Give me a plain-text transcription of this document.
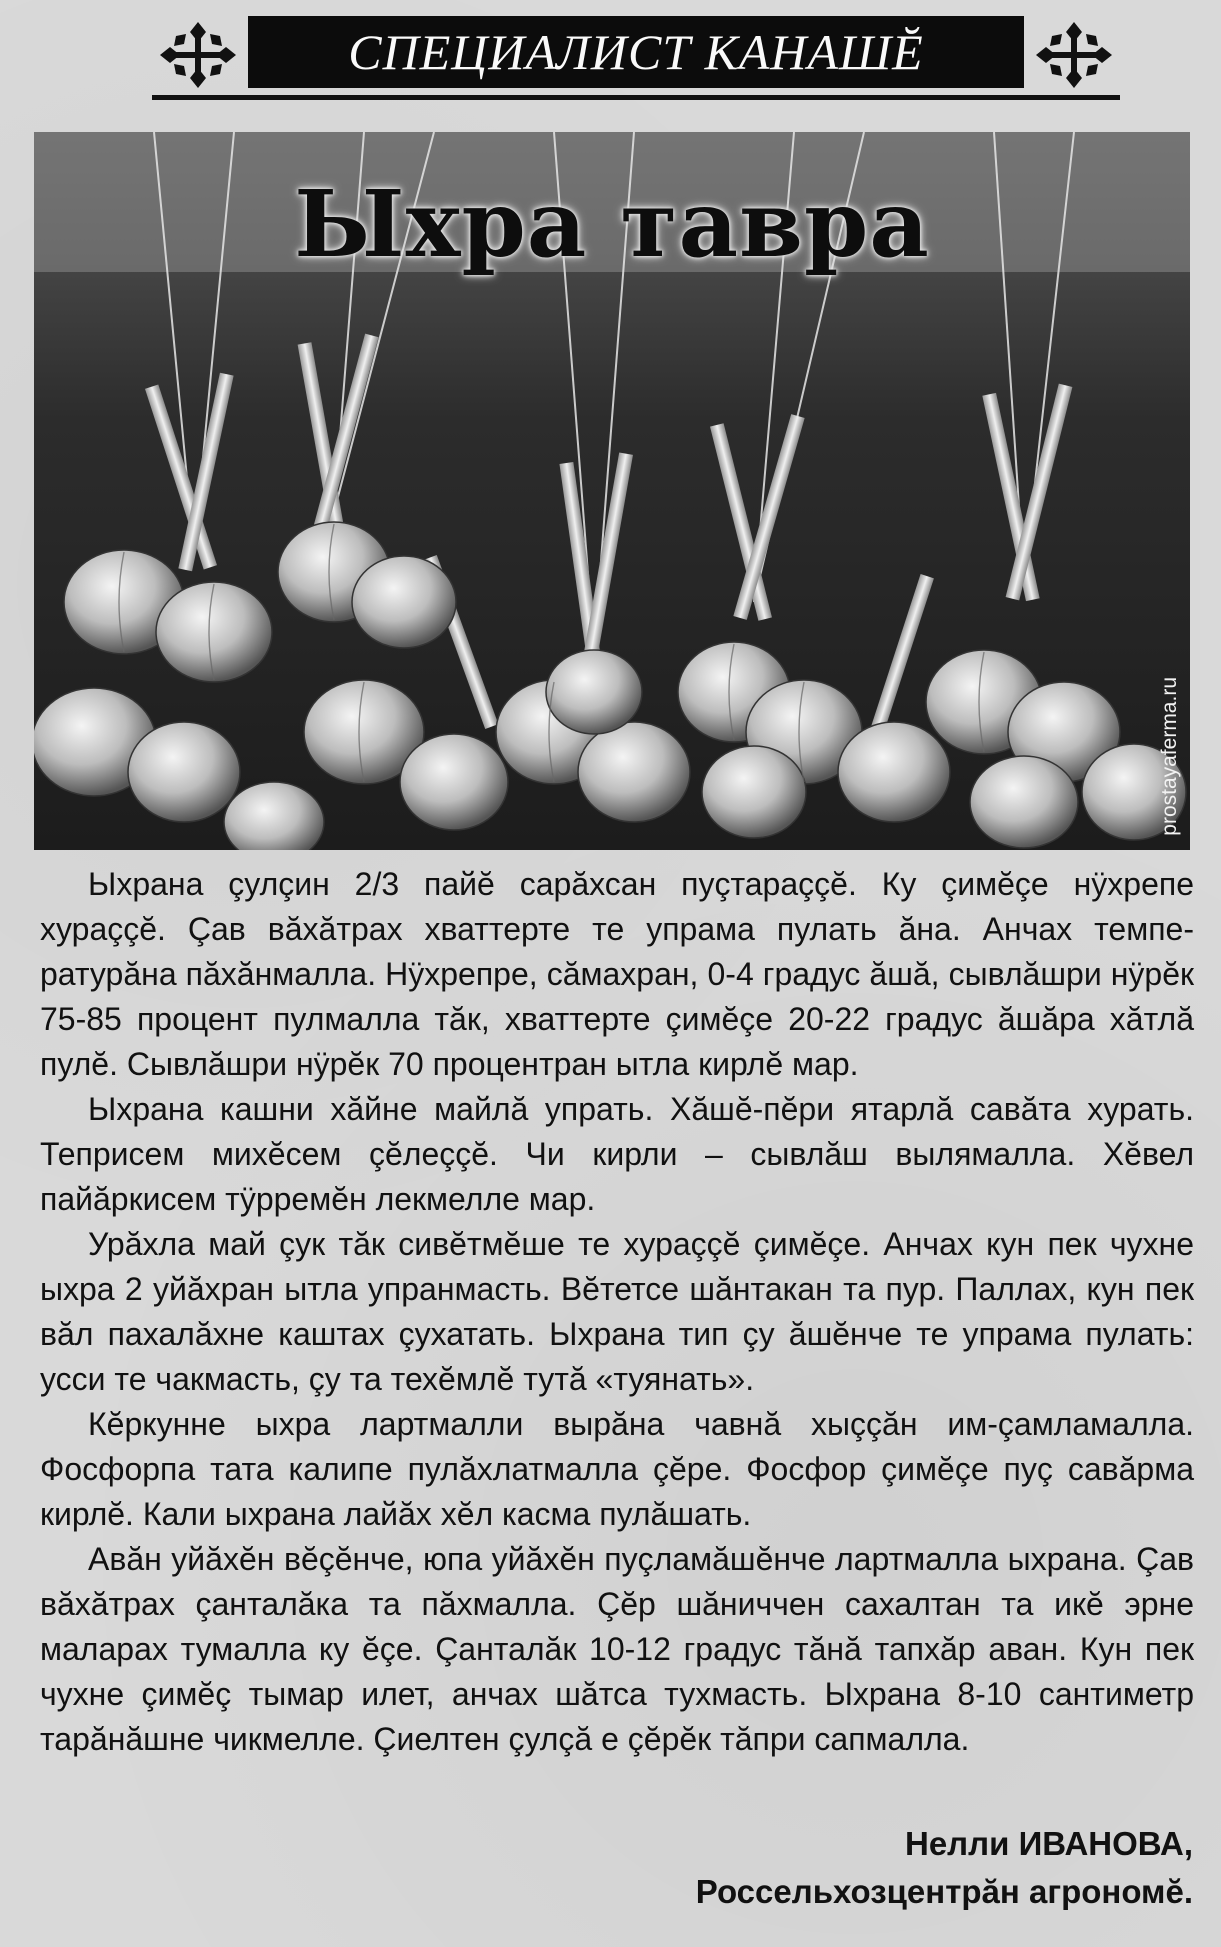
СПЕЦИАЛИСТ КАНАШĔ
Ыхра тавра
prostayaferma.ru

Ыхрана çулçин 2/3 пайĕ сарăхсан пуçтараççĕ. Ку çимĕçе нÿхрепе хураççĕ. Çав вăхăтрах хваттерте те упрама пулать ăна. Анчах температурăна пăхăнмалла. Нÿхрепре, сăмахран, 0-4 градус ăшă, сывлăшри нÿрĕк 75-85 процент пулмалла тăк, хваттерте çимĕçе 20-22 градус ăшăра хăтлă пулĕ. Сывлăшри нÿрĕк 70 процентран ытла кирлĕ мар.

Ыхрана кашни хăйне майлă упрать. Хăшĕ-пĕри ятарлă савăта хурать. Теприсем михĕсем çĕлеççĕ. Чи кирли – сывлăш вылямалла. Хĕвел пайăркисем тÿрремĕн лекмелле мар.

Урăхла май çук тăк сивĕтмĕше те хураççĕ çимĕçе. Анчах кун пек чухне ыхра 2 уйăхран ытла упранмасть. Вĕтетсе шăнтакан та пур. Паллах, кун пек вăл пахалăхне каштах çухатать. Ыхрана тип çу ăшĕнче те упрама пулать: усси те чакмасть, çу та техĕмлĕ тутă «туянать».

Кĕркунне ыхра лартмалли вырăна чавнă хыççăн им-çамламалла. Фосфорпа тата калипе пулăхлатмалла çĕре. Фосфор çимĕçе пуç савăрма кирлĕ. Кали ыхрана лайăх хĕл касма пулăшать.

Авăн уйăхĕн вĕçĕнче, юпа уйăхĕн пуçламăшĕнче лартмалла ыхрана. Çав вăхăтрах çанталăка та пăхмалла. Çĕр шăниччен сахалтан та икĕ эрне маларах тумалла ку ĕçе. Çанталăк 10-12 градус тăнă тапхăр аван. Кун пек чухне çимĕç тымар илет, анчах шăтса тухмасть. Ыхрана 8-10 сантиметр тарăнăшне чикмелле. Çиелтен çулçă е çĕрĕк тăпри сапмалла.

Нелли ИВАНОВА,
Россельхозцентрăн агрономĕ.
